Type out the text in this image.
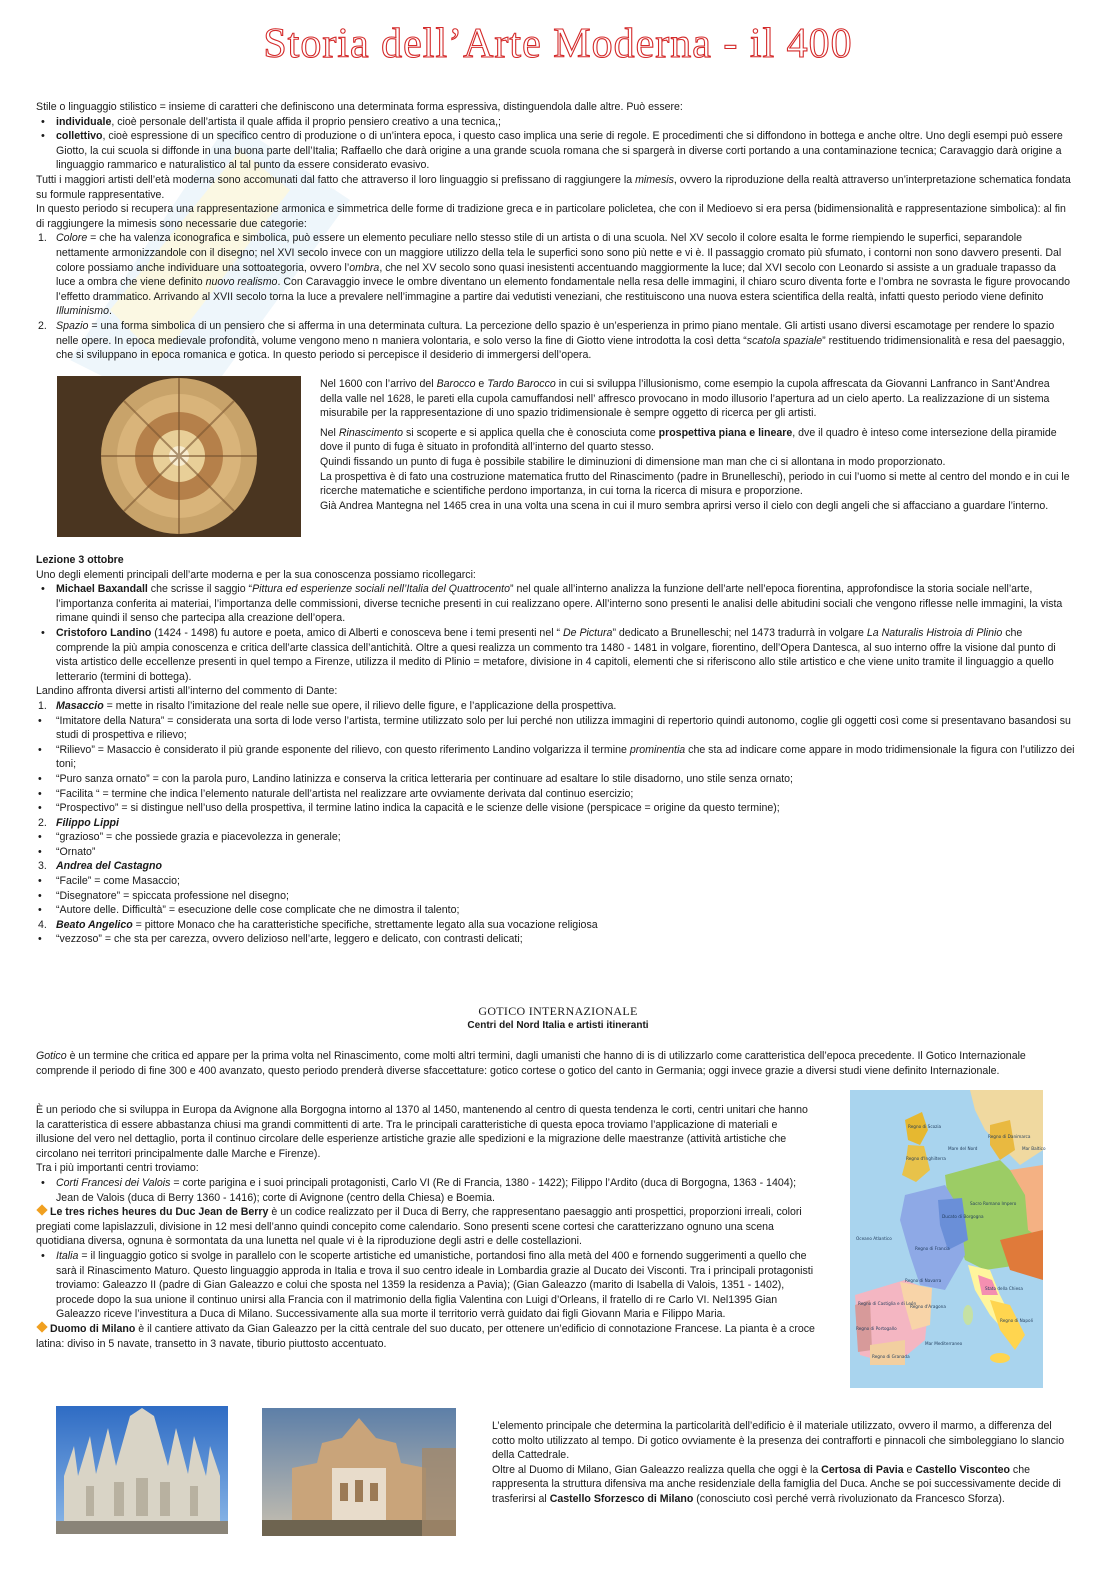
Storia dell’Arte Moderna - il 400

Stile o linguaggio stilistico = insieme di caratteri che definiscono una determinata forma espressiva, distinguendola dalle altre. Può essere:

• individuale, cioè personale dell’artista il quale affida il proprio pensiero creativo a una tecnica,;
• collettivo, cioè espressione di un specifico centro di produzione o di un’intera epoca, i questo caso implica una serie di regole. E procedimenti che si diffondono in bottega e anche oltre. Uno degli esempi può essere Giotto, la cui scuola si diffonde in una buona parte dell’Italia; Raffaello che darà origine a una grande scuola romana che si spargerà in diverse corti portando a una contaminazione tecnica; Caravaggio darà origine a linguaggio rammarico e naturalistico al tal punto da essere considerato evasivo.

Tutti i maggiori artisti dell’età moderna sono accomunati dal fatto che attraverso il loro linguaggio si prefissano di raggiungere la mimesis, ovvero la riproduzione della realtà attraverso un’interpretazione schematica fondata su formule rappresentative.

In questo periodo si recupera una rappresentazione armonica e simmetrica delle forme di tradizione greca e in particolare policletea, che con il Medioevo si era persa (bidimensionalità e rappresentazione simbolica): al fin di raggiungere la mimesis sono necessarie due categorie:

1. Colore = che ha valenza iconografica e simbolica, può essere un elemento peculiare nello stesso stile di un artista o di una scuola. Nel XV secolo il colore esalta le forme riempiendo le superfici, separandole nettamente armonizzandole con il disegno; nel XVI secolo invece con un maggiore utilizzo della tela le superfici sono sono più nette e vi è. Il passaggio cromato più sfumato, i contorni non sono davvero presenti. Dal colore possiamo anche individuare una sottoategoria, ovvero l’ombra, che nel XV secolo sono quasi inesistenti accentuando maggiormente la luce; dal XVI secolo con Leonardo si assiste a un graduale trapasso da luce a ombra che viene definito nuovo realismo. Con Caravaggio invece le ombre diventano un elemento fondamentale nella resa delle immagini, il chiaro scuro diventa forte e l’ombra ne sovrasta le figure provocando l’effetto drammatico. Arrivando al XVII secolo torna la luce a prevalere nell’immagine a partire dai vedutisti veneziani, che restituiscono una nuova estera scientifica della realtà, infatti questo periodo viene definito Illuminismo.
2. Spazio = una forma simbolica di un pensiero che si afferma in una determinata cultura. La percezione dello spazio è un’esperienza in primo piano mentale. Gli artisti usano diversi escamotage per rendere lo spazio nelle opere. In epoca medievale profondità, volume vengono meno n maniera volontaria, e solo verso la fine di Giotto viene introdotta la così detta “scatola spaziale” restituendo tridimensionalità e resa del paesaggio, che si sviluppano in epoca romanica e gotica. In questo periodo si percepisce il desiderio di immergersi dell’opera.

Nel 1600 con l’arrivo del Barocco e Tardo Barocco in cui si sviluppa l’illusionismo, come esempio la cupola affrescata da Giovanni Lanfranco in Sant’Andrea della valle nel 1628, le pareti ella cupola camuffandosi nell’ affresco provocano in modo illusorio l’apertura ad un cielo aperto. La realizzazione di un sistema misurabile per la rappresentazione di uno spazio tridimensionale è sempre oggetto di ricerca per gli artisti.

Nel Rinascimento si scoperte e si applica quella che è conosciuta come prospettiva piana e lineare, dve il quadro è inteso come intersezione della piramide dove il punto di fuga è situato in profondità all’interno del quarto stesso.

Quindi fissando un punto di fuga è possibile stabilire le diminuzioni di dimensione man man che ci si allontana in modo proporzionato.

La prospettiva è di fato una costruzione matematica frutto del Rinascimento (padre in Brunelleschi), periodo in cui l’uomo si mette al centro del mondo e in cui le ricerche matematiche e scientifiche perdono importanza, in cui torna la ricerca di misura e proporzione.

Già Andrea Mantegna nel 1465 crea in una volta una scena in cui il muro sembra aprirsi verso il cielo con degli angeli che si affacciano a guardare l’interno.

Lezione 3 ottobre

Uno degli elementi principali dell’arte moderna e per la sua conoscenza possiamo ricollegarci:

• Michael Baxandall che scrisse il saggio “Pittura ed esperienze sociali nell’Italia del Quattrocento” nel quale all’interno analizza la funzione dell’arte nell’epoca fiorentina, approfondisce la storia sociale nell’arte, l’importanza conferita ai materiai, l’importanza delle commissioni, diverse tecniche presenti in cui realizzano opere. All’interno sono presenti le analisi delle abitudini sociali che vengono riflesse nelle immagini, la vista rimane quindi il senso che partecipa alla creazione dell’opera.
• Cristoforo Landino (1424 - 1498) fu autore e poeta, amico di Alberti e conosceva bene i temi presenti nel “ De Pictura” dedicato a Brunelleschi; nel 1473 tradurrà in volgare La Naturalis Histroia di Plinio che comprende la più ampia conoscenza e critica dell’arte classica dell’antichità. Oltre a quesi realizza un commento tra 1480 - 1481 in volgare, fiorentino, dell’Opera Dantesca, al suo interno offre la visione dal punto di vista artistico delle eccellenze presenti in quel tempo a Firenze, utilizza il medito di Plinio = metafore, divisione in 4 capitoli, elementi che si riferiscono allo stile artistico e che viene unito tramite il linguaggio a quello letterario (termini di bottega).

Landino affronta diversi artisti all’interno del commento di Dante:

1. Masaccio = mette in risalto l’imitazione del reale nelle sue opere, il rilievo delle figure, e l’applicazione della prospettiva.
• “Imitatore della Natura” = considerata una sorta di lode verso l’artista, termine utilizzato solo per lui perché non utilizza immagini di repertorio quindi autonomo, coglie gli oggetti così come si presentavano basandosi su studi di prospettiva e rilievo;
• “Rilievo” = Masaccio è considerato il più grande esponente del rilievo, con questo riferimento Landino volgarizza il termine prominentia che sta ad indicare come appare in modo tridimensionale la figura con l’utilizzo dei toni;
• “Puro sanza ornato” = con la parola puro, Landino latinizza e conserva la critica letteraria per continuare ad esaltare lo stile disadorno, uno stile senza ornato;
• “Facilita “ = termine che indica l’elemento naturale dell’artista nel realizzare arte ovviamente derivata dal continuo esercizio;
• “Prospectivo” = si distingue nell’uso della prospettiva, il termine latino indica la capacità e le scienze delle visione (perspicace = origine da questo termine);
2. Filippo Lippi
• “grazioso” = che possiede grazia e piacevolezza in generale;
• “Ornato”
3. Andrea del Castagno
• “Facile” = come Masaccio;
• “Disegnatore” = spiccata professione nel disegno;
• “Autore delle. Difficultà” = esecuzione delle cose complicate che ne dimostra il talento;
4. Beato Angelico = pittore Monaco che ha caratteristiche specifiche, strettamente legato alla sua vocazione religiosa
• “vezzoso” = che sta per carezza, ovvero delizioso nell’arte, leggero e delicato, con contrasti delicati;
GOTICO INTERNAZIONALE
Centri del Nord Italia e artisti itineranti

Gotico è un termine che critica ed appare per la prima volta nel Rinascimento, come molti altri termini, dagli umanisti che hanno di is di utilizzarlo come caratteristica dell’epoca precedente. Il Gotico Internazionale comprende il periodo di fine 300 e 400 avanzato, questo periodo prenderà diverse sfaccettature: gotico cortese o gotico del canto in Germania; oggi invece grazie a diversi studi viene definito Internazionale.

È un periodo che si sviluppa in Europa da Avignone alla Borgogna intorno al 1370 al 1450, mantenendo al centro di questa tendenza le corti, centri unitari che hanno la caratteristica di essere abbastanza chiusi ma grandi committenti di arte. Tra le principali caratteristiche di questa epoca troviamo l’applicazione di materiali e illusione del vero nel dettaglio, porta il continuo circolare delle esperienze artistiche grazie alle spedizioni e la migrazione delle maestranze (attività artistiche che circolano nei territori principalmente dalle Marche e Firenze).

Tra i più importanti centri troviamo:

• Corti Francesi dei Valois = corte parigina e i suoi principali protagonisti, Carlo VI (Re di Francia, 1380 - 1422); Filippo l’Ardito (duca di Borgogna, 1363 - 1404); Jean de Valois (duca di Berry 1360 - 1416); corte di Avignone (centro della Chiesa) e Boemia.

Le tres riches heures du Duc Jean de Berry è un codice realizzato per il Duca di Berry, che rappresentano paesaggio anti prospettici, proporzioni irreali, colori pregiati come lapislazzuli, divisione in 12 mesi dell’anno quindi concepito come calendario. Sono presenti scene cortesi che caratterizzano ognuno una scena quotidiana diversa, ognuna è sormontata da una lunetta nel quale vi è la riproduzione degli astri e delle costellazioni.

• Italia = il linguaggio gotico si svolge in parallelo con le scoperte artistiche ed umanistiche, portandosi fino alla metà del 400 e fornendo suggerimenti a quello che sarà il Rinascimento Maturo. Questo linguaggio approda in Italia e trova il suo centro ideale in Lombardia grazie al Ducato dei Visconti. Tra i principali protagonisti troviamo: Galeazzo II (padre di Gian Galeazzo e colui che sposta nel 1359 la residenza a Pavia); (Gian Galeazzo (marito di Isabella di Valois, 1351 - 1402), procede dopo la sua unione il continuo unirsi alla Francia con il matrimonio della figlia Valentina con Luigi d’Orleans, il fratello di re Carlo VI. Nel1395 Gian Galeazzo riceve l’investitura a Duca di Milano. Successivamente alla sua morte il territorio verrà guidato dai figli Giovann Maria e Filippo Maria.

Duomo di Milano è il cantiere attivato da Gian Galeazzo per la città centrale del suo ducato, per ottenere un’edificio di connotazione Francese. La pianta è a croce latina: diviso in 5 navate, transetto in 3 navate, tiburio piuttosto accentuato.

Regno di Scozia
Regno d'Inghilterra
Mare del Nord
Regno di Danimarca
Mar Baltico
Oceano Atlantico
Regno di Francia
Ducato di Borgogna
Sacro Romano Impero
Regno di Castiglia e di León
Regno di Navarra
Regno d'Aragona
Regno di Portogallo
Stato della Chiesa
Regno di Napoli
Regno di Granada
Mar Mediterraneo

L’elemento principale che determina la particolarità dell’edificio è il materiale utilizzato, ovvero il marmo, a differenza del cotto molto utilizzato al tempo. Di gotico ovviamente è la presenza dei contrafforti e pinnacoli che simboleggiano lo slancio della Cattedrale.

Oltre al Duomo di Milano, Gian Galeazzo realizza quella che oggi è la Certosa di Pavia e Castello Visconteo che rappresenta la struttura difensiva ma anche residenziale della famiglia del Duca. Anche se poi successivamente decide di trasferirsi al Castello Sforzesco di Milano (conosciuto così perché verrà rivoluzionato da Francesco Sforza).
